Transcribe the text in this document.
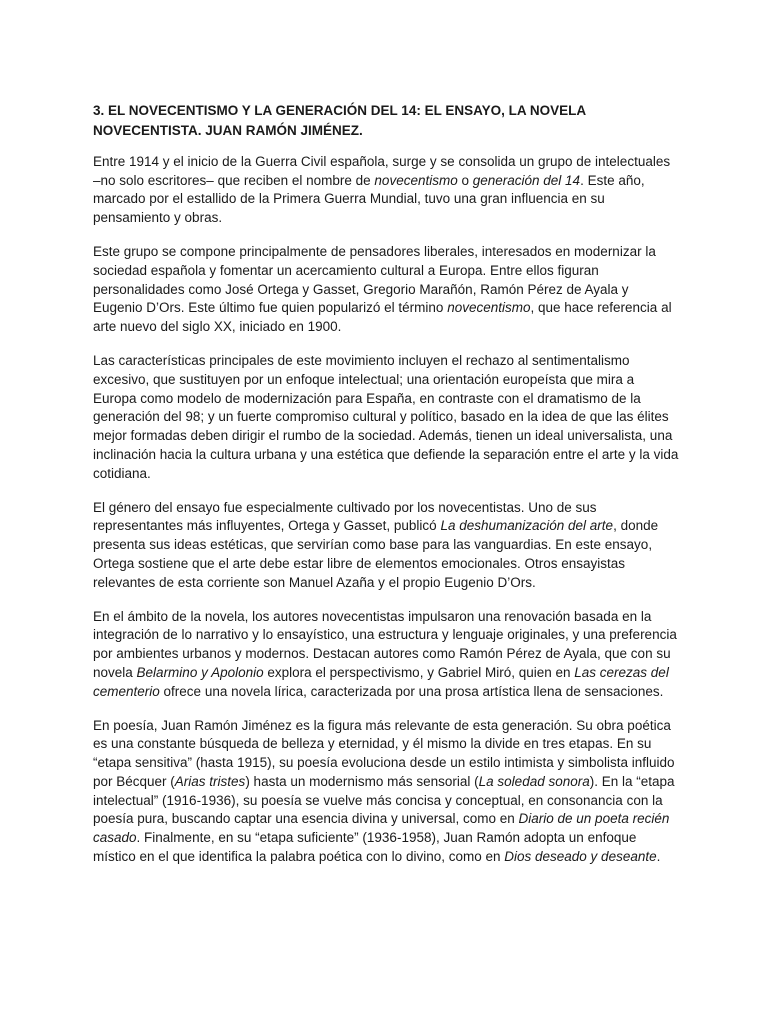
3. EL NOVECENTISMO Y LA GENERACIÓN DEL 14: EL ENSAYO, LA NOVELA NOVECENTISTA. JUAN RAMÓN JIMÉNEZ.

Entre 1914 y el inicio de la Guerra Civil española, surge y se consolida un grupo de intelectuales –no solo escritores– que reciben el nombre de novecentismo o generación del 14. Este año, marcado por el estallido de la Primera Guerra Mundial, tuvo una gran influencia en su pensamiento y obras.

Este grupo se compone principalmente de pensadores liberales, interesados en modernizar la sociedad española y fomentar un acercamiento cultural a Europa. Entre ellos figuran personalidades como José Ortega y Gasset, Gregorio Marañón, Ramón Pérez de Ayala y Eugenio D’Ors. Este último fue quien popularizó el término novecentismo, que hace referencia al arte nuevo del siglo XX, iniciado en 1900.

Las características principales de este movimiento incluyen el rechazo al sentimentalismo excesivo, que sustituyen por un enfoque intelectual; una orientación europeísta que mira a Europa como modelo de modernización para España, en contraste con el dramatismo de la generación del 98; y un fuerte compromiso cultural y político, basado en la idea de que las élites mejor formadas deben dirigir el rumbo de la sociedad. Además, tienen un ideal universalista, una inclinación hacia la cultura urbana y una estética que defiende la separación entre el arte y la vida cotidiana.

El género del ensayo fue especialmente cultivado por los novecentistas. Uno de sus representantes más influyentes, Ortega y Gasset, publicó La deshumanización del arte, donde presenta sus ideas estéticas, que servirían como base para las vanguardias. En este ensayo, Ortega sostiene que el arte debe estar libre de elementos emocionales. Otros ensayistas relevantes de esta corriente son Manuel Azaña y el propio Eugenio D’Ors.

En el ámbito de la novela, los autores novecentistas impulsaron una renovación basada en la integración de lo narrativo y lo ensayístico, una estructura y lenguaje originales, y una preferencia por ambientes urbanos y modernos. Destacan autores como Ramón Pérez de Ayala, que con su novela Belarmino y Apolonio explora el perspectivismo, y Gabriel Miró, quien en Las cerezas del cementerio ofrece una novela lírica, caracterizada por una prosa artística llena de sensaciones.

En poesía, Juan Ramón Jiménez es la figura más relevante de esta generación. Su obra poética es una constante búsqueda de belleza y eternidad, y él mismo la divide en tres etapas. En su “etapa sensitiva” (hasta 1915), su poesía evoluciona desde un estilo intimista y simbolista influido por Bécquer (Arias tristes) hasta un modernismo más sensorial (La soledad sonora). En la “etapa intelectual” (1916-1936), su poesía se vuelve más concisa y conceptual, en consonancia con la poesía pura, buscando captar una esencia divina y universal, como en Diario de un poeta recién casado. Finalmente, en su “etapa suficiente” (1936-1958), Juan Ramón adopta un enfoque místico en el que identifica la palabra poética con lo divino, como en Dios deseado y deseante.
